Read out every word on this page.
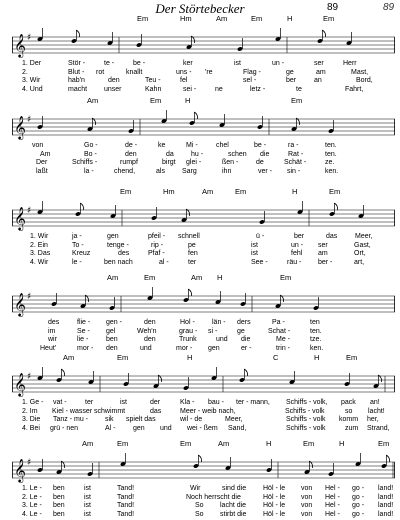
Der Störtebecker	89	89
Em	Hm	Am	Em	H	Em
𝄞 ♯
1. Der	Stör -	te -	be -	ker	ist	un -	ser	Herr
2.	Blut - rot	knallt	uns - 're	Flag -	ge	am	Mast,
3. Wir	hab'n	den	Teu -	fel	sel -	ber	an	Bord,
4. Und	macht unser	Kahn	sei -	ne	letz -	te	Fahrt,
Am	Em	H	Em
𝄞 ♯
von	Go -	de -	ke	Mi -	chel	be -	ra -	ten.
Am	Bo -	den	da hu -	schen die	Rat -	ten.
Der	Schiffs -	rumpf	birgt glei -	ßen -	de	Schät -	ze.
laßt	la -	chend,	als Sarg	ihn	ver - sin -	ken.
Em	Hm	Am	Em	H	Em
𝄞 ♯
1. Wir	ja -	gen	pfeil - schnell	ü -	ber	das	Meer,
2. Ein	To -	tenge -	rip -	pe	ist	un - ser	Gast,
3. Das	Kreuz	des	Pfaf -	fen	ist	fehl am	Ort,
4. Wir	le -	ben nach	al -	ter	See -	räu - ber -	art,
Am	Em	Am H	Em
𝄞 ♯
des	flie - gen -	den	Hol - län - ders	Pa -	ten
im	Se - gel	Weh'n	grau - si -	ge	Schat -	ten.
wir	lie -	ben	den	Trunk	und die	Me -	tze.
Heut'	mor - den	und	mor - gen	er -	trin -	ken.
Am	Em	H	C	H	Em
𝄞 ♯
1. Ge - vat -	ter	ist	der	Kla - bau - ter - mann, Schiffs - volk, pack an!
2. Im Kiel - wasser schwimmt	das	Meer - weib nach,	Schiffs - volk	so lacht!
3. Die Tanz - mu - sik spielt das	wil - de	Meer,	Schiffs - volk komm her,
4. Bei grü - nen	Al -	gen und wei - ßem Sand,	Schiffs - volk	zum Strand,
Am	Em	Em	Am	H	Em	H	Em
𝄞 ♯
1. Le - ben	ist	Tand!	Wir	sind die Höl - le von Hel - go - land!
2. Le - ben	ist	Tand!	Noch herrscht die	Höl - le von Hel - go - land!
3. Le - ben	ist	Tand!	So lacht die Höl - le von Hel - go - land!
4. Le - ben	ist	Tand!	So stirbt die Höl - le von Hel - go - land!
